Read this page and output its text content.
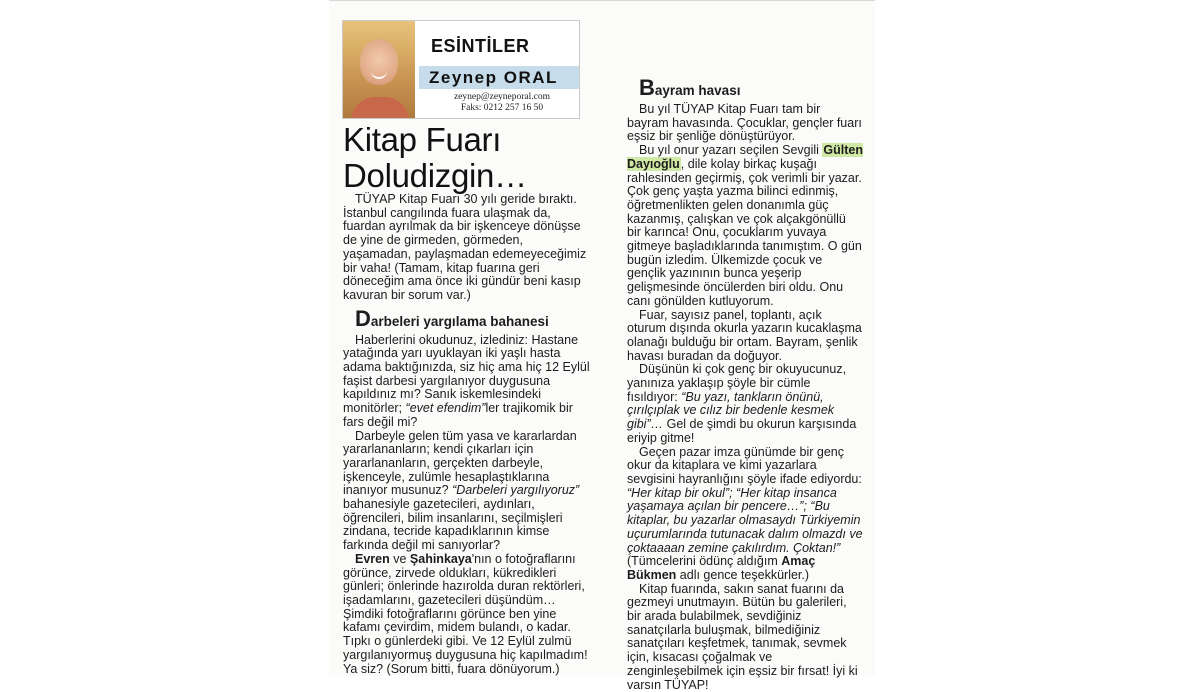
ESİNTİLER
Zeynep ORAL
zeynep@zeyneporal.com
Faks: 0212 257 16 50
Kitap Fuarı
Doludizgin…

TÜYAP Kitap Fuarı 30 yılı geride bıraktı. İstanbul cangılında fuara ulaşmak da, fuardan ayrılmak da bir işkenceye dönüşse de yine de girmeden, görmeden, yaşamadan, paylaşmadan edemeyeceğimiz bir vaha! (Tamam, kitap fuarına geri döneceğim ama önce iki gündür beni kasıp kavuran bir sorum var.)

Darbeleri yargılama bahanesi

Haberlerini okudunuz, izlediniz: Hastane yatağında yarı uyuklayan iki yaşlı hasta adama baktığınızda, siz hiç ama hiç 12 Eylül faşist darbesi yargılanıyor duygusuna kapıldınız mı? Sanık iskemlesindeki monitörler; “evet efendim”ler trajikomik bir fars değil mi?

Darbeyle gelen tüm yasa ve kararlardan yararlananların; kendi çıkarları için yararlananların, gerçekten darbeyle, işkenceyle, zulümle hesaplaştıklarına inanıyor musunuz? “Darbeleri yargılıyoruz” bahanesiyle gazetecileri, aydınları, öğrencileri, bilim insanlarını, seçilmişleri zindana, tecride kapadıklarının kimse farkında değil mi sanıyorlar?

Evren ve Şahinkaya'nın o fotoğraflarını görünce, zirvede oldukları, kükredikleri günleri; önlerinde hazırolda duran rektörleri, işadamlarını, gazetecileri düşündüm… Şimdiki fotoğraflarını görünce ben yine kafamı çevirdim, midem bulandı, o kadar. Tıpkı o günlerdeki gibi. Ve 12 Eylül zulmü yargılanıyormuş duygusuna hiç kapılmadım! Ya siz? (Sorum bitti, fuara dönüyorum.)

Bayram havası

Bu yıl TÜYAP Kitap Fuarı tam bir bayram havasında. Çocuklar, gençler fuarı eşsiz bir şenliğe dönüştürüyor.

Bu yıl onur yazarı seçilen Sevgili Gülten Dayıoğlu, dile kolay birkaç kuşağı rahlesinden geçirmiş, çok verimli bir yazar. Çok genç yaşta yazma bilinci edinmiş, öğretmenlikten gelen donanımla güç kazanmış, çalışkan ve çok alçakgönüllü bir karınca! Onu, çocuklarım yuvaya gitmeye başladıklarında tanımıştım. O gün bugün izledim. Ülkemizde çocuk ve gençlik yazınının bunca yeşerip gelişmesinde öncülerden biri oldu. Onu canı gönülden kutluyorum.

Fuar, sayısız panel, toplantı, açık oturum dışında okurla yazarın kucaklaşma olanağı bulduğu bir ortam. Bayram, şenlik havası buradan da doğuyor.

Düşünün ki çok genç bir okuyucunuz, yanınıza yaklaşıp şöyle bir cümle fısıldıyor: “Bu yazı, tankların önünü, çırılçıplak ve cılız bir bedenle kesmek gibi”… Gel de şimdi bu okurun karşısında eriyip gitme!

Geçen pazar imza günümde bir genç okur da kitaplara ve kimi yazarlara sevgisini hayranlığını şöyle ifade ediyordu: “Her kitap bir okul”; “Her kitap insanca yaşamaya açılan bir pencere…”; “Bu kitaplar, bu yazarlar olmasaydı Türkiyemin uçurumlarında tutunacak dalım olmazdı ve çoktaaaan zemine çakılırdım. Çoktan!” (Tümcelerini ödünç aldığım Amaç Bükmen adlı gence teşekkürler.)

Kitap fuarında, sakın sanat fuarını da gezmeyi unutmayın. Bütün bu galerileri, bir arada bulabilmek, sevdiğiniz sanatçılarla buluşmak, bilmediğiniz sanatçıları keşfetmek, tanımak, sevmek için, kısacası çoğalmak ve zenginleşebilmek için eşsiz bir fırsat! İyi ki varsın TÜYAP!
